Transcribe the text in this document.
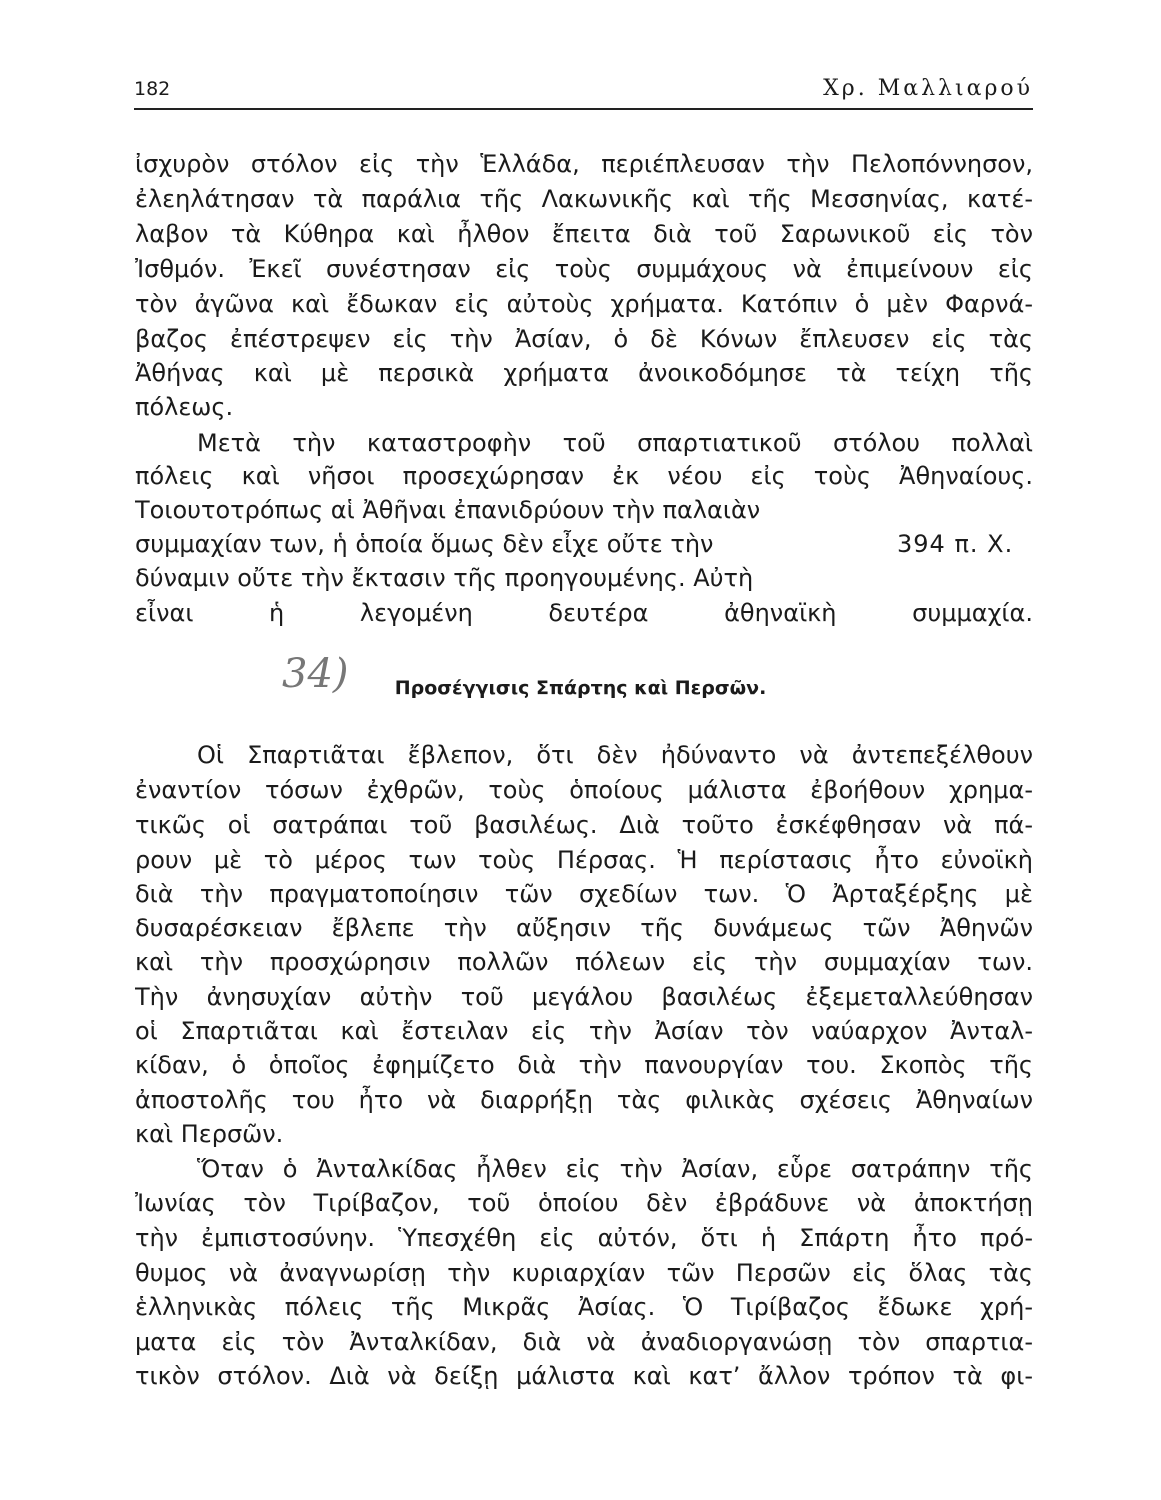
182	Χρ. Μαλλιαρού
ἰσχυρὸν στόλον εἰς τὴν Ἑλλάδα, περιέπλευσαν τὴν Πελοπόννησον,
ἐλεηλάτησαν τὰ παράλια τῆς Λακωνικῆς καὶ τῆς Μεσσηνίας, κατέ-
λαβον τὰ Κύθηρα καὶ ἦλθον ἔπειτα διὰ τοῦ Σαρωνικοῦ εἰς τὸν
Ἰσθμόν. Ἐκεῖ συνέστησαν εἰς τοὺς συμμάχους νὰ ἐπιμείνουν εἰς
τὸν ἀγῶνα καὶ ἔδωκαν εἰς αὐτοὺς χρήματα. Κατόπιν ὁ μὲν Φαρνά-
βαζος ἐπέστρεψεν εἰς τὴν Ἀσίαν, ὁ δὲ Κόνων ἔπλευσεν εἰς τὰς
Ἀθήνας καὶ μὲ περσικὰ χρήματα ἀνοικοδόμησε τὰ τείχη τῆς
πόλεως.
Μετὰ τὴν καταστροφὴν τοῦ σπαρτιατικοῦ στόλου πολλαὶ
πόλεις καὶ νῆσοι προσεχώρησαν ἐκ νέου εἰς τοὺς Ἀθηναίους.
Τοιουτοτρόπως αἱ Ἀθῆναι ἐπανιδρύουν τὴν παλαιὰν
συμμαχίαν των, ἡ ὁποία ὅμως δὲν εἶχε οὔτε τὴν	394 π. Χ.
δύναμιν οὔτε τὴν ἔκτασιν τῆς προηγουμένης. Αὐτὴ
εἶναι ἡ λεγομένη δευτέρα ἀθηναϊκὴ συμμαχία.
34)	Προσέγγισις Σπάρτης καὶ Περσῶν.
Οἱ Σπαρτιᾶται ἔβλεπον, ὅτι δὲν ἠδύναντο νὰ ἀντεπεξέλθουν
ἐναντίον τόσων ἐχθρῶν, τοὺς ὁποίους μάλιστα ἐβοήθουν χρημα-
τικῶς οἱ σατράπαι τοῦ βασιλέως. Διὰ τοῦτο ἐσκέφθησαν νὰ πά-
ρουν μὲ τὸ μέρος των τοὺς Πέρσας. Ἡ περίστασις ἦτο εὐνοϊκὴ
διὰ τὴν πραγματοποίησιν τῶν σχεδίων των. Ὁ Ἀρταξέρξης μὲ
δυσαρέσκειαν ἔβλεπε τὴν αὔξησιν τῆς δυνάμεως τῶν Ἀθηνῶν
καὶ τὴν προσχώρησιν πολλῶν πόλεων εἰς τὴν συμμαχίαν των.
Τὴν ἀνησυχίαν αὐτὴν τοῦ μεγάλου βασιλέως ἐξεμεταλλεύθησαν
οἱ Σπαρτιᾶται καὶ ἔστειλαν εἰς τὴν Ἀσίαν τὸν ναύαρχον Ἀνταλ-
κίδαν, ὁ ὁποῖος ἐφημίζετο διὰ τὴν πανουργίαν του. Σκοπὸς τῆς
ἀποστολῆς του ἦτο νὰ διαρρήξῃ τὰς φιλικὰς σχέσεις Ἀθηναίων
καὶ Περσῶν.
Ὅταν ὁ Ἀνταλκίδας ἦλθεν εἰς τὴν Ἀσίαν, εὗρε σατράπην τῆς
Ἰωνίας τὸν Τιρίβαζον, τοῦ ὁποίου δὲν ἐβράδυνε νὰ ἀποκτήσῃ
τὴν ἐμπιστοσύνην. Ὑπεσχέθη εἰς αὐτόν, ὅτι ἡ Σπάρτη ἦτο πρό-
θυμος νὰ ἀναγνωρίσῃ τὴν κυριαρχίαν τῶν Περσῶν εἰς ὅλας τὰς
ἑλληνικὰς πόλεις τῆς Μικρᾶς Ἀσίας. Ὁ Τιρίβαζος ἔδωκε χρή-
ματα εἰς τὸν Ἀνταλκίδαν, διὰ νὰ ἀναδιοργανώσῃ τὸν σπαρτια-
τικὸν στόλον. Διὰ νὰ δείξῃ μάλιστα καὶ κατ’ ἄλλον τρόπον τὰ φι-
